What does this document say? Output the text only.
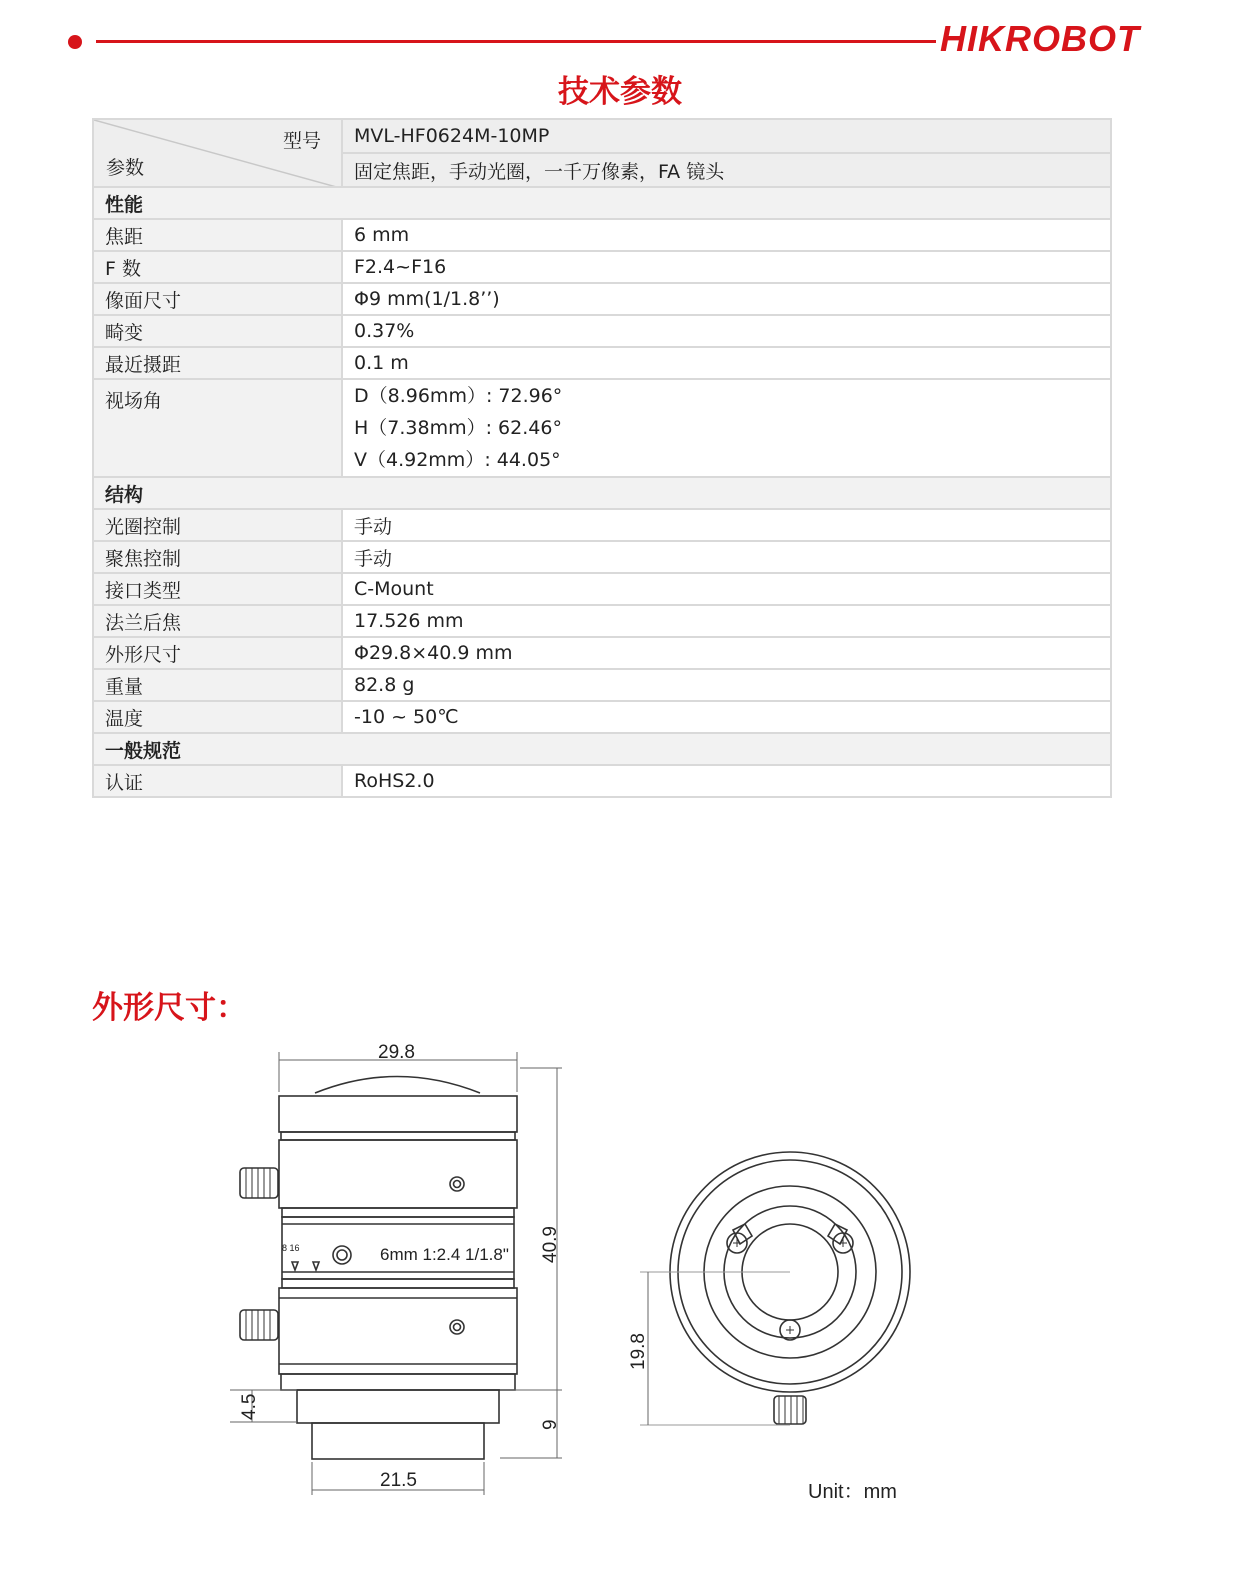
HIKROBOT
技术参数
型号
参数	MVL-HF0624M-10MP
	固定焦距，手动光圈，一千万像素，FA 镜头
性能	
焦距	6 mm
F 数	F2.4~F16
像面尺寸	Φ9 mm(1/1.8’’)
畸变	0.37%
最近摄距	0.1 m
视场角	D（8.96mm）: 72.96°
H（7.38mm）: 62.46°
V（4.92mm）: 44.05°

结构	
光圈控制	手动
聚焦控制	手动
接口类型	C-Mount
法兰后焦	17.526 mm
外形尺寸	Φ29.8×40.9 mm
重量	82.8 g
温度	-10 ~ 50℃
一般规范	
认证	RoHS2.0
外形尺寸：
8 16	6mm 1:2.4 1/1.8"
29.8
40.9
4.5
9
21.5
19.8
Unit：mm
